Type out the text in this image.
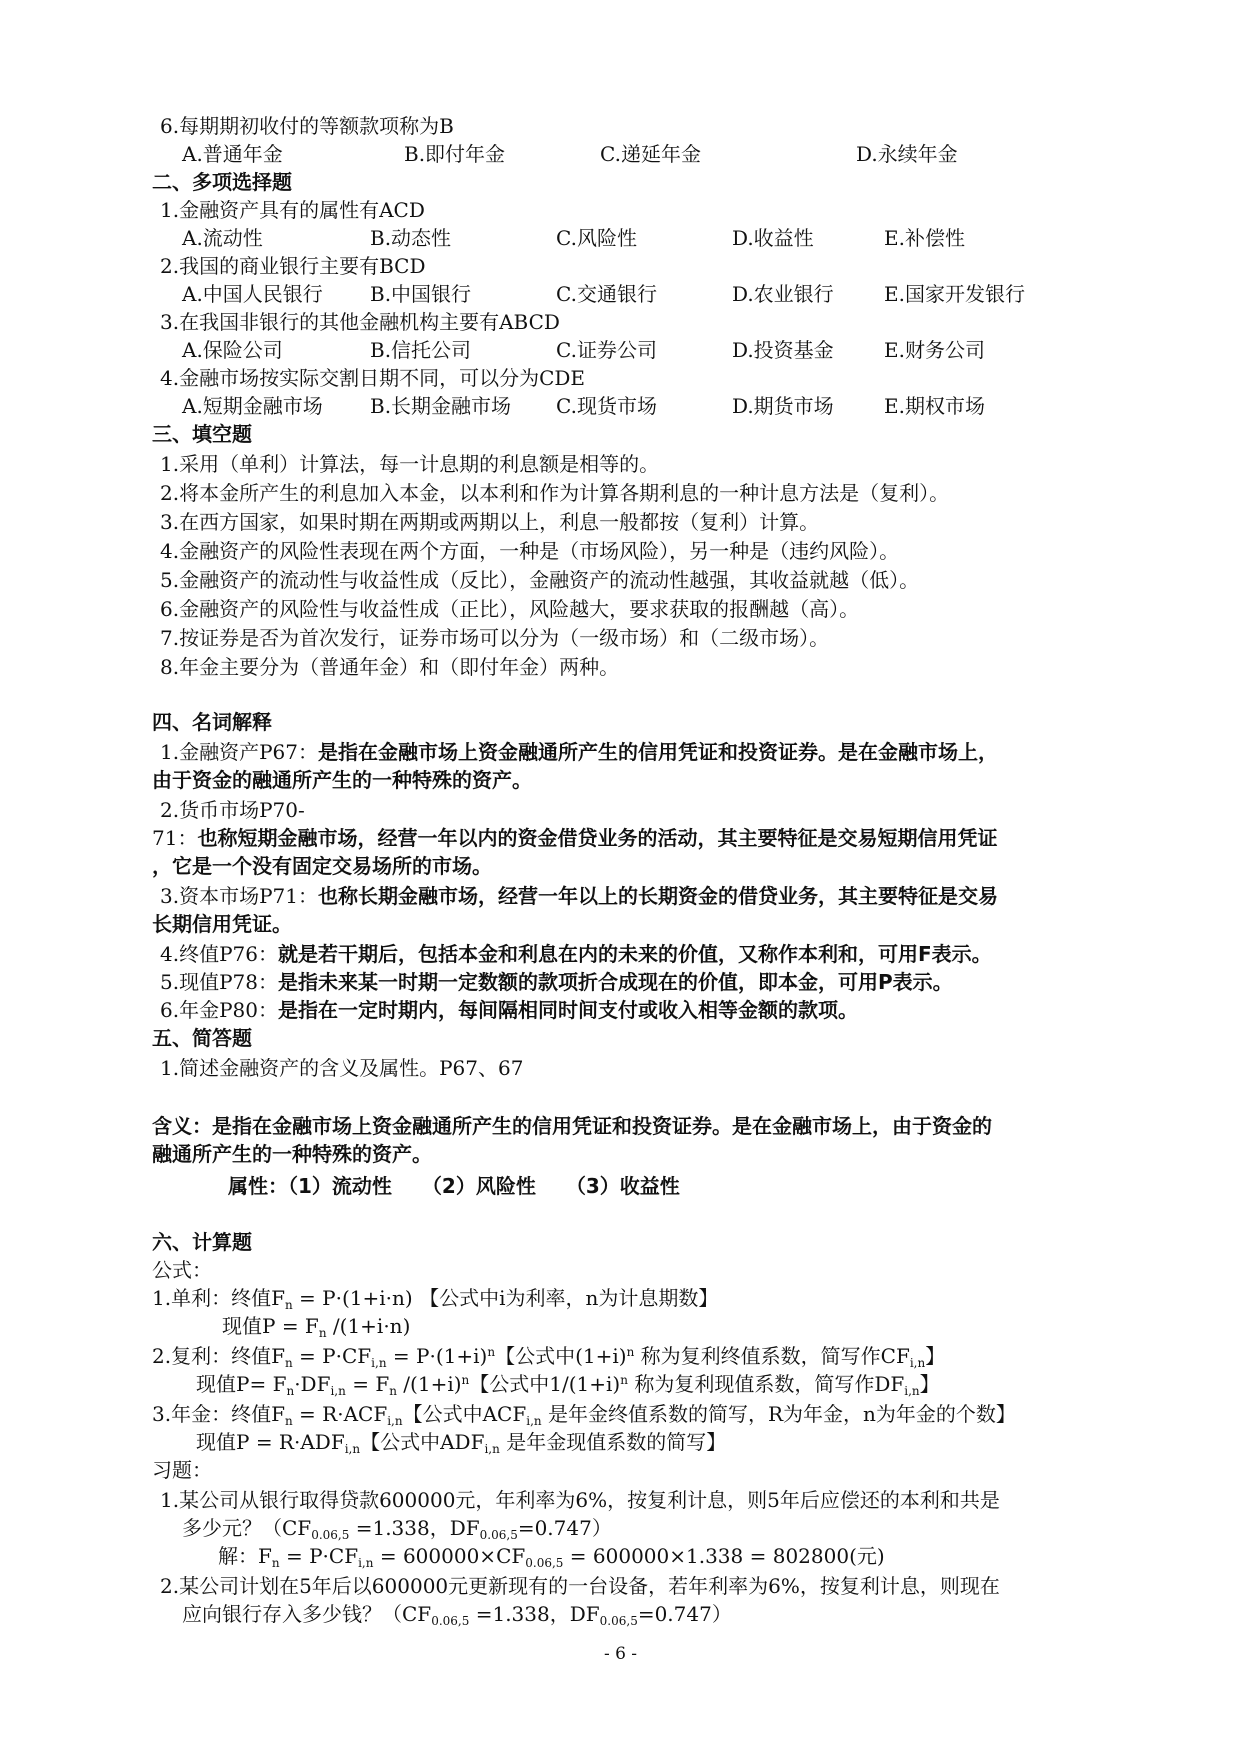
6.每期期初收付的等额款项称为B
A.普通年金	B.即付年金	C.递延年金	D.永续年金
二、多项选择题
1.金融资产具有的属性有ACD
A.流动性	B.动态性	C.风险性	D.收益性	E.补偿性
2.我国的商业银行主要有BCD
A.中国人民银行 B.中国银行	C.交通银行	D.农业银行	E.国家开发银行
3.在我国非银行的其他金融机构主要有ABCD
A.保险公司	B.信托公司	C.证券公司	D.投资基金	E.财务公司
4.金融市场按实际交割日期不同，可以分为CDE
A.短期金融市场 B.长期金融市场 C.现货市场	D.期货市场	E.期权市场
三、填空题
1.采用（单利）计算法，每一计息期的利息额是相等的。
2.将本金所产生的利息加入本金，以本利和作为计算各期利息的一种计息方法是（复利）。
3.在西方国家，如果时期在两期或两期以上，利息一般都按（复利）计算。
4.金融资产的风险性表现在两个方面，一种是（市场风险），另一种是（违约风险）。
5.金融资产的流动性与收益性成（反比），金融资产的流动性越强，其收益就越（低）。
6.金融资产的风险性与收益性成（正比），风险越大，要求获取的报酬越（高）。
7.按证券是否为首次发行，证券市场可以分为（一级市场）和（二级市场）。
8.年金主要分为（普通年金）和（即付年金）两种。
四、名词解释
1.金融资产P67：是指在金融市场上资金融通所产生的信用凭证和投资证券。是在金融市场上，
由于资金的融通所产生的一种特殊的资产。
2.货币市场P70-
71：也称短期金融市场，经营一年以内的资金借贷业务的活动，其主要特征是交易短期信用凭证
，它是一个没有固定交易场所的市场。
3.资本市场P71：也称长期金融市场，经营一年以上的长期资金的借贷业务，其主要特征是交易
长期信用凭证。
4.终值P76：就是若干期后，包括本金和利息在内的未来的价值，又称作本利和，可用F表示。
5.现值P78：是指未来某一时期一定数额的款项折合成现在的价值，即本金，可用P表示。
6.年金P80：是指在一定时期内，每间隔相同时间支付或收入相等金额的款项。
五、简答题
1.简述金融资产的含义及属性。P67、67
含义：是指在金融市场上资金融通所产生的信用凭证和投资证券。是在金融市场上，由于资金的
融通所产生的一种特殊的资产。
属性：（1）流动性　　（2）风险性　　（3）收益性
六、计算题
公式：
1.单利：终值$F_n = P\cdot(1+i\cdot n)$ 【公式中i为利率，n为计息期数】
现值$P = F_n$ /(1+i·n)
2.复利：终值$F_n = P\cdot CF_{i,n} = P\cdot(1+i)^n$【公式中$(1+i)^n$ 称为复利终值系数，简写作$CF_{i,n}$】
现值$P= F_n\cdot DF_{i,n} = F_n$ $/(1+i)^n$【公式中$1/(1+i)^n$ 称为复利现值系数，简写作$DF_{i,n}$】
3.年金：终值$F_n = R\cdot ACF_{i,n}$【公式中$ACF_{i,n}$ 是年金终值系数的简写，R为年金，n为年金的个数】
现值$P = R\cdot ADF_{i,n}$【公式中$ADF_{i,n}$ 是年金现值系数的简写】
习题：
1.某公司从银行取得贷款600000元，年利率为6%，按复利计息，则5年后应偿还的本利和共是
多少元？（$CF_{0.06,5} =1.338$，$DF_{0.06,5}=0.747$）
解：$F_n = P\cdot CF_{i,n} = 600000\times CF_{0.06,5} = 600000\times 1.338 = 802800$(元)
2.某公司计划在5年后以600000元更新现有的一台设备，若年利率为6%，按复利计息，则现在
应向银行存入多少钱？（$CF_{0.06,5} =1.338$，$DF_{0.06,5}=0.747$）
- 6 -
